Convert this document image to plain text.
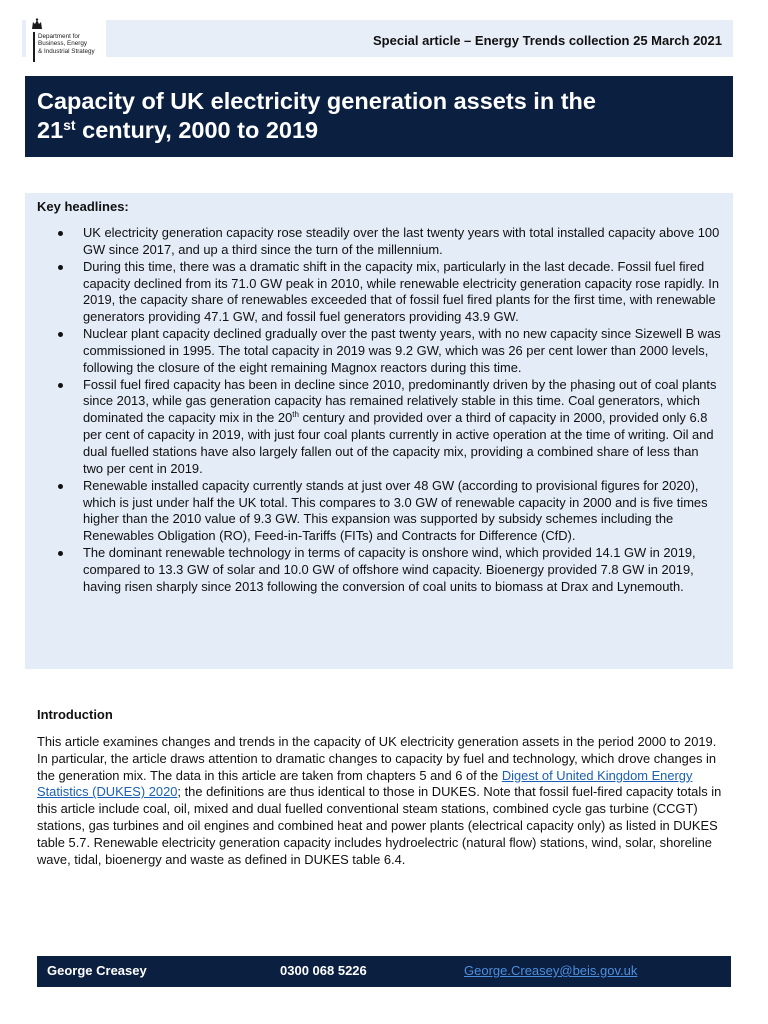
Department for
Business, Energy
& Industrial Strategy
Special article – Energy Trends collection 25 March 2021
Capacity of UK electricity generation assets in the
21st century, 2000 to 2019
Key headlines:
UK electricity generation capacity rose steadily over the last twenty years with total installed capacity above 100 GW since 2017, and up a third since the turn of the millennium.
During this time, there was a dramatic shift in the capacity mix, particularly in the last decade. Fossil fuel fired capacity declined from its 71.0 GW peak in 2010, while renewable electricity generation capacity rose rapidly. In 2019, the capacity share of renewables exceeded that of fossil fuel fired plants for the first time, with renewable generators providing 47.1 GW, and fossil fuel generators providing 43.9 GW.
Nuclear plant capacity declined gradually over the past twenty years, with no new capacity since Sizewell B was commissioned in 1995. The total capacity in 2019 was 9.2 GW, which was 26 per cent lower than 2000 levels, following the closure of the eight remaining Magnox reactors during this time.
Fossil fuel fired capacity has been in decline since 2010, predominantly driven by the phasing out of coal plants since 2013, while gas generation capacity has remained relatively stable in this time. Coal generators, which dominated the capacity mix in the 20th century and provided over a third of capacity in 2000, provided only 6.8 per cent of capacity in 2019, with just four coal plants currently in active operation at the time of writing. Oil and dual fuelled stations have also largely fallen out of the capacity mix, providing a combined share of less than two per cent in 2019.
Renewable installed capacity currently stands at just over 48 GW (according to provisional figures for 2020), which is just under half the UK total. This compares to 3.0 GW of renewable capacity in 2000 and is five times higher than the 2010 value of 9.3 GW. This expansion was supported by subsidy schemes including the Renewables Obligation (RO), Feed-in-Tariffs (FITs) and Contracts for Difference (CfD).
The dominant renewable technology in terms of capacity is onshore wind, which provided 14.1 GW in 2019, compared to 13.3 GW of solar and 10.0 GW of offshore wind capacity. Bioenergy provided 7.8 GW in 2019, having risen sharply since 2013 following the conversion of coal units to biomass at Drax and Lynemouth.
Introduction
This article examines changes and trends in the capacity of UK electricity generation assets in the period 2000 to 2019. In particular, the article draws attention to dramatic changes to capacity by fuel and technology, which drove changes in the generation mix. The data in this article are taken from chapters 5 and 6 of the Digest of United Kingdom Energy Statistics (DUKES) 2020; the definitions are thus identical to those in DUKES. Note that fossil fuel-fired capacity totals in this article include coal, oil, mixed and dual fuelled conventional steam stations, combined cycle gas turbine (CCGT) stations, gas turbines and oil engines and combined heat and power plants (electrical capacity only) as listed in DUKES table 5.7. Renewable electricity generation capacity includes hydroelectric (natural flow) stations, wind, solar, shoreline wave, tidal, bioenergy and waste as defined in DUKES table 6.4.
George Creasey	0300 068 5226	George.Creasey@beis.gov.uk
